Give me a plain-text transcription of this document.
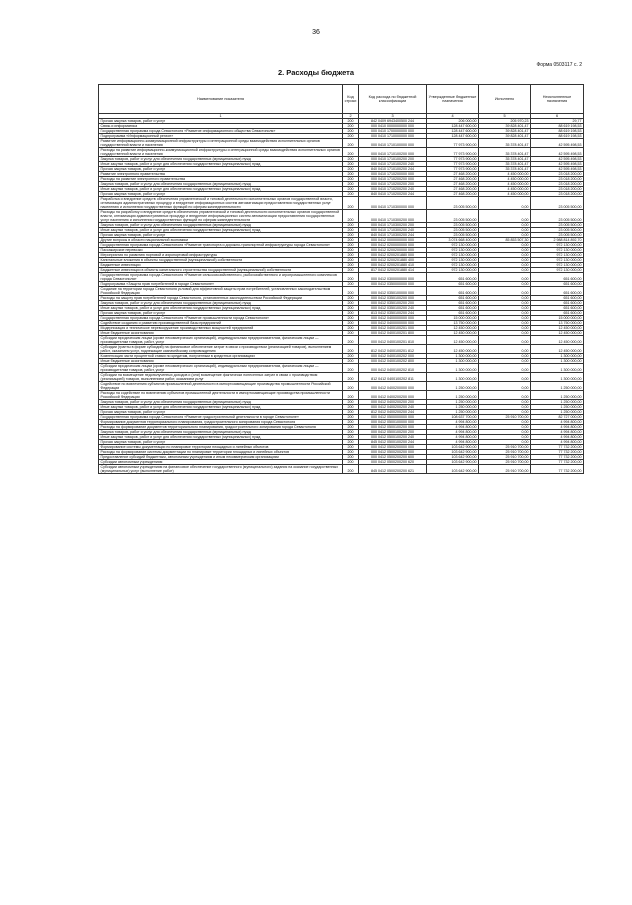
36
Форма 0503117 с. 2
2. Расходы бюджета
Наименование показателя	Код строки	Код расхода по бюджетной классификации	Утвержденные бюджетные назначения	Исполнено	Неисполненные назначения
1	2	3	4	5	6
Прочая закупка товаров, работ и услуг	200	842 0409 6943400500 244	206 000,00	205 970,23	29,77
Связь и информатика	200	000 0410 0000000000 000	128 447 600,00	39 828 401,47	88 619 198,53
Государственная программа города Севастополя «Развитие информационного общества Севастополя»	200	000 0410 1700000000 000	128 447 600,00	39 828 401,47	88 619 198,53
Подпрограмма «Информационный регион»	200	000 0410 1710000000 000	128 447 600,00	39 828 401,47	88 619 198,53
Развитие информационно-коммуникационной инфраструктуры и интеграционной среды взаимодействия исполнительных органов государственной власти и населения	200	000 0410 1710100000 000	77 973 900,00	35 378 401,47	42 595 498,53
Расходы на развитие информационно-коммуникационной инфраструктуры и интеграционной среды взаимодействия исполнительных органов государственной власти и населения	200	000 0410 1710100200 000	77 973 900,00	35 378 401,47	42 595 498,53
Закупка товаров, работ и услуг для обеспечения государственных (муниципальных) нужд	200	000 0410 1710100200 200	77 973 900,00	35 378 401,47	42 595 498,53
Иные закупки товаров, работ и услуг для обеспечения государственных (муниципальных) нужд	200	000 0410 1710100200 240	77 973 900,00	35 378 401,47	42 595 498,53
Прочая закупка товаров, работ и услуг	200	840 0410 1710100200 244	77 973 900,00	35 378 401,47	42 595 498,53
Развитие электронного правительства	200	000 0410 1710200000 000	27 468 200,00	4 450 000,00	23 018 200,00
Расходы на развитие электронного правительства	200	000 0410 1710200200 000	27 468 200,00	4 450 000,00	23 018 200,00
Закупка товаров, работ и услуг для обеспечения государственных (муниципальных) нужд	200	000 0410 1710200200 200	27 468 200,00	4 450 000,00	23 018 200,00
Иные закупки товаров, работ и услуг для обеспечения государственных (муниципальных) нужд	200	000 0410 1710200200 240	27 468 200,00	4 450 000,00	23 018 200,00
Прочая закупка товаров, работ и услуг	200	840 0410 1710200200 244	27 468 200,00	4 450 000,00	23 018 200,00
Разработка и внедрение средств обеспечения управленческой и типовой деятельности исполнительных органов государственной власти, оптимизация административных процедур и внедрение информационных систем автоматизации предоставления государственных услуг населению и исполнения государственных функций по сферам жизнедеятельности	200	000 0410 1710300000 000	23 005 500,00	0,00	23 005 500,00
Расходы на разработку и внедрение средств обеспечения управленческой и типовой деятельности исполнительных органов государственной власти, оптимизация административных процедур и внедрение информационных систем автоматизации предоставления государственных услуг населению и исполнения государственных функций по сферам жизнедеятельности	200	000 0410 1710300200 000	23 005 500,00	0,00	23 005 500,00
Закупка товаров, работ и услуг для обеспечения государственных (муниципальных) нужд	200	000 0410 1710300200 200	23 005 500,00	0,00	23 005 500,00
Иные закупки товаров, работ и услуг для обеспечения государственных (муниципальных) нужд	200	000 0410 1710300200 240	23 005 500,00	0,00	23 005 500,00
Прочая закупка товаров, работ и услуг	200	840 0410 1710300200 244	23 005 500,00	0,00	23 005 500,00
Другие вопросы в области национальной экономики	200	000 0412 0000000000 000	3 074 668 400,00	85 853 507,30	2 988 814 892,70
Государственная программа города Севастополя «Развитие транспорта и дорожно-транспортной инфраструктуры города Севастополя»	200	000 0412 0200000000 000	972 130 000,00	0,00	972 130 000,00
Пассажирские перевозки	200	000 0412 0200200000 000	972 130 000,00	0,00	972 130 000,00
Мероприятия по развитию портовой и аэропортовой инфраструктуры	200	000 0412 0200201880 000	972 130 000,00	0,00	972 130 000,00
Капитальные вложения в объекты государственной (муниципальной) собственности	200	000 0412 0200201880 400	972 130 000,00	0,00	972 130 000,00
Бюджетные инвестиции	200	000 0412 0200201880 410	972 130 000,00	0,00	972 130 000,00
Бюджетные инвестиции в объекты капитального строительства государственной (муниципальной) собственности	200	817 0412 0200201880 414	972 130 000,00	0,00	972 130 000,00
Государственная программа города Севастополя «Развитие сельскохозяйственного, рыбохозяйственного и агропромышленного комплексов города Севастополя»	200	000 0412 0300000000 000	651 600,00	0,00	651 600,00
Подпрограмма «Защита прав потребителей в городе Севастополе»	200	000 0412 0350000000 000	651 600,00	0,00	651 600,00
Создание на территории города Севастополя условий для эффективной защиты прав потребителей, установленных законодательством Российской Федерации	200	000 0412 0350100000 000	651 600,00	0,00	651 600,00
Расходы на защиту прав потребителей города Севастополя, установленных законодательством Российской Федерации	200	000 0412 0350100200 000	651 600,00	0,00	651 600,00
Закупка товаров, работ и услуг для обеспечения государственных (муниципальных) нужд	200	000 0412 0350100200 200	651 600,00	0,00	651 600,00
Иные закупки товаров, работ и услуг для обеспечения государственных (муниципальных) нужд	200	000 0412 0350100200 240	651 600,00	0,00	651 600,00
Прочая закупка товаров, работ и услуг	200	813 0412 0350100200 244	651 600,00	0,00	651 600,00
Государственная программа города Севастополя «Развитие промышленности города Севастополя»	200	000 0412 0400000000 000	15 000 000,00	0,00	15 000 000,00
Содействие созданию и развитию производственной базы предприятий	200	000 0412 0400000000 000	13 750 000,00	0,00	13 750 000,00
Модернизация и техническое перевооружение производственных мощностей предприятий	200	000 0412 0400100201 000	12 450 000,00	0,00	12 450 000,00
Иные бюджетные ассигнования	200	000 0412 0400100201 800	12 450 000,00	0,00	12 450 000,00
Субсидии юридическим лицам (кроме некоммерческих организаций), индивидуальным предпринимателям, физическим лицам — производителям товаров, работ, услуг	200	000 0412 0400100201 810	12 450 000,00	0,00	12 450 000,00
Субсидии (гранты в форме субсидий) на финансовое обеспечение затрат в связи с производством (реализацией товаров), выполнением работ, оказанием услуг, подлежащие казначейскому сопровождению	200	812 0412 0400100201 812	12 450 000,00	0,00	12 450 000,00
Компенсация части процентной ставки по кредитам, полученным в кредитных организациях	200	000 0412 0400100202 000	1 300 000,00	0,00	1 300 000,00
Иные бюджетные ассигнования	200	000 0412 0400100202 800	1 300 000,00	0,00	1 300 000,00
Субсидии юридическим лицам (кроме некоммерческих организаций), индивидуальным предпринимателям, физическим лицам — производителям товаров, работ, услуг	200	000 0412 0400100202 810	1 300 000,00	0,00	1 300 000,00
Субсидии на возмещение недополученных доходов и (или) возмещение фактически понесенных затрат в связи с производством (реализацией) товаров, выполнением работ, оказанием услуг	200	812 0412 0400100202 811	1 300 000,00	0,00	1 300 000,00
Содействие по вовлечению субъектов промышленной деятельности в импортозамещающие производства промышленности Российской Федерации	200	000 0412 0400200000 000	1 250 000,00	0,00	1 250 000,00
Расходы на содействие по вовлечению субъектов промышленной деятельности в импортозамещающие производства промышленности Российской Федерации	200	000 0412 0400200200 000	1 250 000,00	0,00	1 250 000,00
Закупка товаров, работ и услуг для обеспечения государственных (муниципальных) нужд	200	000 0412 0400200200 200	1 250 000,00	0,00	1 250 000,00
Иные закупки товаров, работ и услуг для обеспечения государственных (муниципальных) нужд	200	000 0412 0400200200 240	1 250 000,00	0,00	1 250 000,00
Прочая закупка товаров, работ и услуг	200	812 0412 0400200200 244	1 250 000,00	0,00	1 250 000,00
Государственная программа города Севастополя «Развитие градостроительной деятельности в городе Севастополе»	200	000 0412 0500000000 000	108 637 700,00	25 910 700,00	82 727 000,00
Формирование документов территориального планирования, градостроительного зонирования города Севастополя	200	000 0412 0500100000 000	4 994 800,00	0,00	4 994 800,00
Расходы на формирование документов территориального планирования, градостроительного зонирования города Севастополя	200	000 0412 0500100200 000	4 994 800,00	0,00	4 994 800,00
Закупка товаров, работ и услуг для обеспечения государственных (муниципальных) нужд	200	000 0412 0500100200 200	4 994 800,00	0,00	4 994 800,00
Иные закупки товаров, работ и услуг для обеспечения государственных (муниципальных) нужд	200	000 0412 0500100200 240	4 994 800,00	0,00	4 994 800,00
Прочая закупка товаров, работ и услуг	200	845 0412 0500100200 244	4 994 800,00	0,00	4 994 800,00
Формирование системы документации по планировке территории площадных и линейных объектов	200	000 0412 0500200000 000	103 642 900,00	25 910 700,00	77 732 200,00
Расходы на формирование системы документации по планировке территории площадных и линейных объектов	200	000 0412 0500200200 000	103 642 900,00	25 910 700,00	77 732 200,00
Предоставление субсидий бюджетным, автономным учреждениям и иным некоммерческим организациям	200	000 0412 0500200200 600	103 642 900,00	25 910 700,00	77 732 200,00
Субсидии автономным учреждениям	200	000 0412 0500200200 620	103 642 900,00	25 910 700,00	77 732 200,00
Субсидии автономным учреждениям на финансовое обеспечение государственного (муниципального) задания на оказание государственных (муниципальных) услуг (выполнение работ)	200	845 0412 0500200200 621	103 642 900,00	25 910 700,00	77 732 200,00
